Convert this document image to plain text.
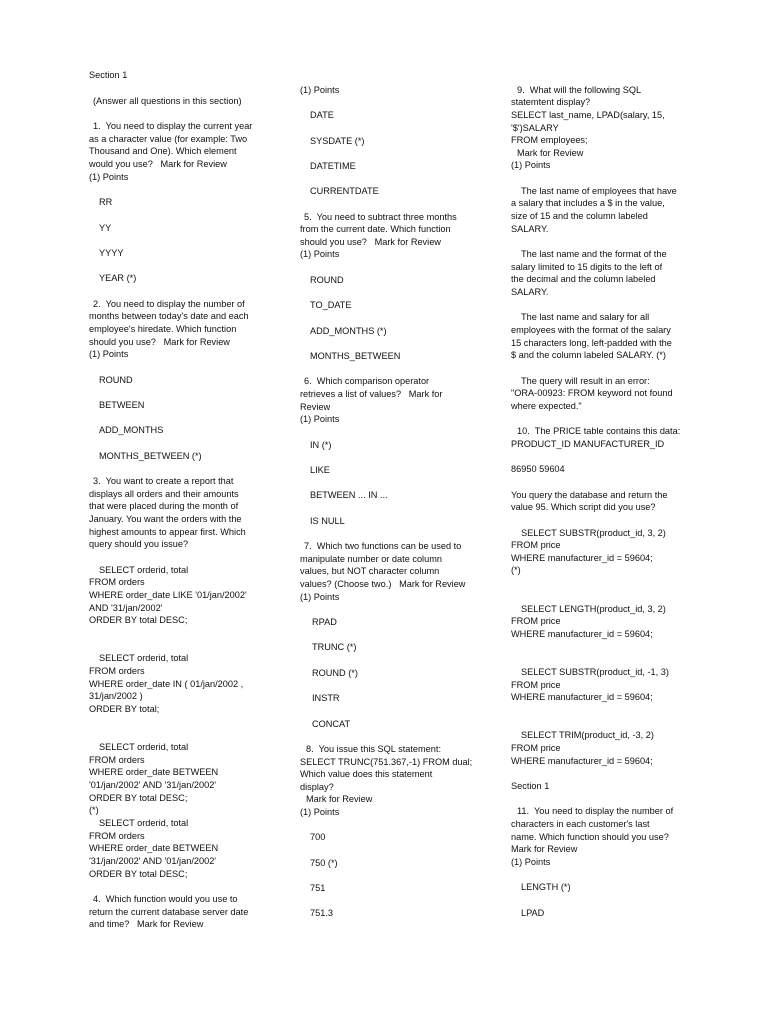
Section 1
(Answer all questions in this section)
1.  You need to display the current year
as a character value (for example: Two
Thousand and One). Which element
would you use?   Mark for Review
(1) Points
RR
YY
YYYY
YEAR (*)
2.  You need to display the number of
months between today's date and each
employee's hiredate. Which function
should you use?   Mark for Review
(1) Points
ROUND
BETWEEN
ADD_MONTHS
MONTHS_BETWEEN (*)
3.  You want to create a report that
displays all orders and their amounts
that were placed during the month of
January. You want the orders with the
highest amounts to appear first. Which
query should you issue?
SELECT orderid, total
FROM orders
WHERE order_date LIKE '01/jan/2002'
AND '31/jan/2002'
ORDER BY total DESC;
SELECT orderid, total
FROM orders
WHERE order_date IN ( 01/jan/2002 ,
31/jan/2002 )
ORDER BY total;
SELECT orderid, total
FROM orders
WHERE order_date BETWEEN
'01/jan/2002' AND '31/jan/2002'
ORDER BY total DESC;
(*)
SELECT orderid, total
FROM orders
WHERE order_date BETWEEN
'31/jan/2002' AND '01/jan/2002'
ORDER BY total DESC;
4.  Which function would you use to
return the current database server date
and time?   Mark for Review
(1) Points
DATE
SYSDATE (*)
DATETIME
CURRENTDATE
5.  You need to subtract three months
from the current date. Which function
should you use?   Mark for Review
(1) Points
ROUND
TO_DATE
ADD_MONTHS (*)
MONTHS_BETWEEN
6.  Which comparison operator
retrieves a list of values?   Mark for
Review
(1) Points
IN (*)
LIKE
BETWEEN ... IN ...
IS NULL
7.  Which two functions can be used to
manipulate number or date column
values, but NOT character column
values? (Choose two.)   Mark for Review
(1) Points
RPAD
TRUNC (*)
ROUND (*)
INSTR
CONCAT
8.  You issue this SQL statement:
SELECT TRUNC(751.367,-1) FROM dual;
Which value does this statement
display?
Mark for Review
(1) Points
700
750 (*)
751
751.3
9.  What will the following SQL
statemtent display?
SELECT last_name, LPAD(salary, 15,
'$')SALARY
FROM employees;
Mark for Review
(1) Points
The last name of employees that have
a salary that includes a $ in the value,
size of 15 and the column labeled
SALARY.
The last name and the format of the
salary limited to 15 digits to the left of
the decimal and the column labeled
SALARY.
The last name and salary for all
employees with the format of the salary
15 characters long, left-padded with the
$ and the column labeled SALARY. (*)
The query will result in an error:
"ORA-00923: FROM keyword not found
where expected."
10.  The PRICE table contains this data:
PRODUCT_ID MANUFACTURER_ID
86950 59604
You query the database and return the
value 95. Which script did you use?
SELECT SUBSTR(product_id, 3, 2)
FROM price
WHERE manufacturer_id = 59604;
(*)
SELECT LENGTH(product_id, 3, 2)
FROM price
WHERE manufacturer_id = 59604;
SELECT SUBSTR(product_id, -1, 3)
FROM price
WHERE manufacturer_id = 59604;
SELECT TRIM(product_id, -3, 2)
FROM price
WHERE manufacturer_id = 59604;
Section 1
11.  You need to display the number of
characters in each customer's last
name. Which function should you use?
Mark for Review
(1) Points
LENGTH (*)
LPAD
